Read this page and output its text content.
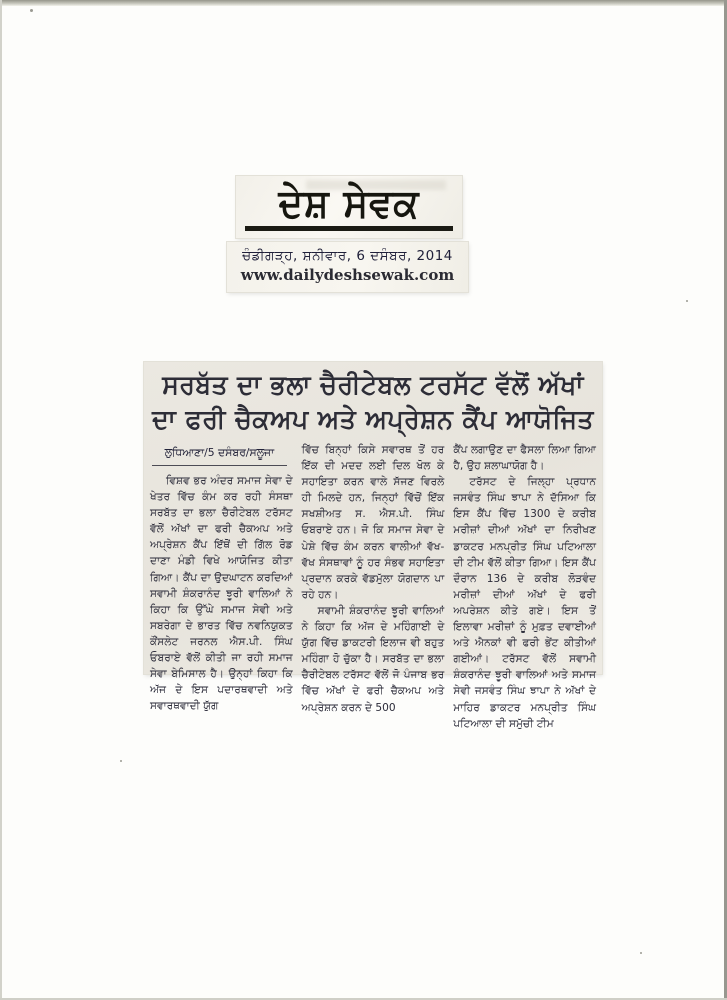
ਦੇਸ਼ ਸੇਵਕ
ਚੰਡੀਗੜ੍ਹ, ਸ਼ਨੀਵਾਰ, 6 ਦਸੰਬਰ, 2014
www.dailydeshsewak.com
ਸਰਬੱਤ ਦਾ ਭਲਾ ਚੈਰੀਟੇਬਲ ਟਰਸੱਟ ਵੱਲੋਂ ਅੱਖਾਂ
ਦਾ ਫਰੀ ਚੈਕਅਪ ਅਤੇ ਅਪ੍ਰੇਸ਼ਨ ਕੈਂਪ ਆਯੋਜਿਤ
ਲੁਧਿਆਣਾ/5 ਦਸੰਬਰ/ਸਲੂਜਾ

ਵਿਸ਼ਵ ਭਰ ਅੰਦਰ ਸਮਾਜ ਸੇਵਾ ਦੇ ਖੇਤਰ ਵਿੱਚ ਕੰਮ ਕਰ ਰਹੀ ਸੰਸਥਾ ਸਰਬੱਤ ਦਾ ਭਲਾ ਚੈਰੀਟੇਬਲ ਟਰੱਸਟ ਵੱਲੋਂ ਅੱਖਾਂ ਦਾ ਫਰੀ ਚੈਕਅਪ ਅਤੇ ਅਪ੍ਰੇਸ਼ਨ ਕੈਂਪ ਇੱਥੋਂ ਦੀ ਗਿੱਲ ਰੋਡ ਦਾਣਾ ਮੰਡੀ ਵਿਖੇ ਆਯੋਜਿਤ ਕੀਤਾ ਗਿਆ। ਕੈਂਪ ਦਾ ਉਦਘਾਟਨ ਕਰਦਿਆਂ ਸਵਾਮੀ ਸ਼ੰਕਰਾਨੰਦ ਝੂਰੀ ਵਾਲਿਆਂ ਨੇ ਕਿਹਾ ਕਿ ਉੱਘੇ ਸਮਾਜ ਸੇਵੀ ਅਤੇ ਸਬਰੇਗਾ ਦੇ ਭਾਰਤ ਵਿੱਚ ਨਵਨਿਯੁਕਤ ਕੌਂਸਲੇਟ ਜਰਨਲ ਐਸ.ਪੀ. ਸਿੰਘ ਓਬਰਾਏ ਵੱਲੋਂ ਕੀਤੀ ਜਾ ਰਹੀ ਸਮਾਜ ਸੇਵਾ ਬੇਮਿਸਾਲ ਹੈ। ਉਨ੍ਹਾਂ ਕਿਹਾ ਕਿ ਅੱਜ ਦੇ ਇਸ ਪਦਾਰਥਵਾਦੀ ਅਤੇ ਸਵਾਰਥਵਾਦੀ ਯੁੱਗ

ਵਿੱਚ ਬਿਨ੍ਹਾਂ ਕਿਸੇ ਸਵਾਰਥ ਤੋਂ ਹਰ ਇੱਕ ਦੀ ਮਦਦ ਲਈ ਦਿਲ ਖੋਲ ਕੇ ਸਹਾਇਤਾ ਕਰਨ ਵਾਲੇ ਸੱਜਣ ਵਿਰਲੇ ਹੀ ਮਿਲਦੇ ਹਨ, ਜਿਨ੍ਹਾਂ ਵਿੱਚੋਂ ਇੱਕ ਸਖਸ਼ੀਅਤ ਸ. ਐਸ.ਪੀ. ਸਿੰਘ ਓਬਰਾਏ ਹਨ। ਜੋ ਕਿ ਸਮਾਜ ਸੇਵਾ ਦੇ ਪੇਸ਼ੇ ਵਿੱਚ ਕੰਮ ਕਰਨ ਵਾਲੀਆਂ ਵੱਖ-ਵੱਖ ਸੰਸਥਾਵਾਂ ਨੂੰ ਹਰ ਸੰਭਵ ਸਹਾਇਤਾ ਪ੍ਰਦਾਨ ਕਰਕੇ ਵੱਡਮੁੱਲਾ ਯੋਗਦਾਨ ਪਾ ਰਹੇ ਹਨ।

ਸਵਾਮੀ ਸ਼ੰਕਰਾਨੰਦ ਝੂਰੀ ਵਾਲਿਆਂ ਨੇ ਕਿਹਾ ਕਿ ਅੱਜ ਦੇ ਮਹਿੰਗਾਈ ਦੇ ਯੁੱਗ ਵਿੱਚ ਡਾਕਟਰੀ ਇਲਾਜ ਵੀ ਬਹੁਤ ਮਹਿੰਗਾ ਹੋ ਚੁੱਕਾ ਹੈ। ਸਰਬੱਤ ਦਾ ਭਲਾ ਚੈਰੀਟੇਬਲ ਟਰੱਸਟ ਵੱਲੋਂ ਜੋ ਪੰਜਾਬ ਭਰ ਵਿੱਚ ਅੱਖਾਂ ਦੇ ਫਰੀ ਚੈਕਅਪ ਅਤੇ ਅਪ੍ਰੇਸ਼ਨ ਕਰਨ ਦੇ 500

ਕੈਂਪ ਲਗਾਉਣ ਦਾ ਫੈਸਲਾ ਲਿਆ ਗਿਆ ਹੈ, ਉਹ ਸ਼ਲਾਘਾਯੋਗ ਹੈ।

ਟਰੱਸਟ ਦੇ ਜਿਲ੍ਹਾ ਪ੍ਰਧਾਨ ਜਸਵੰਤ ਸਿੰਘ ਝਾਪਾ ਨੇ ਦੱਸਿਆ ਕਿ ਇਸ ਕੈਂਪ ਵਿੱਚ 1300 ਦੇ ਕਰੀਬ ਮਰੀਜ਼ਾਂ ਦੀਆਂ ਅੱਖਾਂ ਦਾ ਨਿਰੀਖਣ ਡਾਕਟਰ ਮਨਪ੍ਰੀਤ ਸਿੰਘ ਪਟਿਆਲਾ ਦੀ ਟੀਮ ਵੱਲੋਂ ਕੀਤਾ ਗਿਆ। ਇਸ ਕੈਂਪ ਦੌਰਾਨ 136 ਦੇ ਕਰੀਬ ਲੋੜਵੰਦ ਮਰੀਜ਼ਾਂ ਦੀਆਂ ਅੱਖਾਂ ਦੇ ਫਰੀ ਅਪਰੇਸ਼ਨ ਕੀਤੇ ਗਏ। ਇਸ ਤੋਂ ਇਲਾਵਾ ਮਰੀਜ਼ਾਂ ਨੂੰ ਮੁਫ਼ਤ ਦਵਾਈਆਂ ਅਤੇ ਐਨਕਾਂ ਵੀ ਫਰੀ ਭੇਂਟ ਕੀਤੀਆਂ ਗਈਆਂ। ਟਰੱਸਟ ਵੱਲੋਂ ਸਵਾਮੀ ਸ਼ੰਕਰਾਨੰਦ ਝੂਰੀ ਵਾਲਿਆਂ ਅਤੇ ਸਮਾਜ ਸੇਵੀ ਜਸਵੰਤ ਸਿੰਘ ਝਾਪਾ ਨੇ ਅੱਖਾਂ ਦੇ ਮਾਹਿਰ ਡਾਕਟਰ ਮਨਪ੍ਰੀਤ ਸਿੰਘ ਪਟਿਆਲਾ ਦੀ ਸਮੁੱਚੀ ਟੀਮ
